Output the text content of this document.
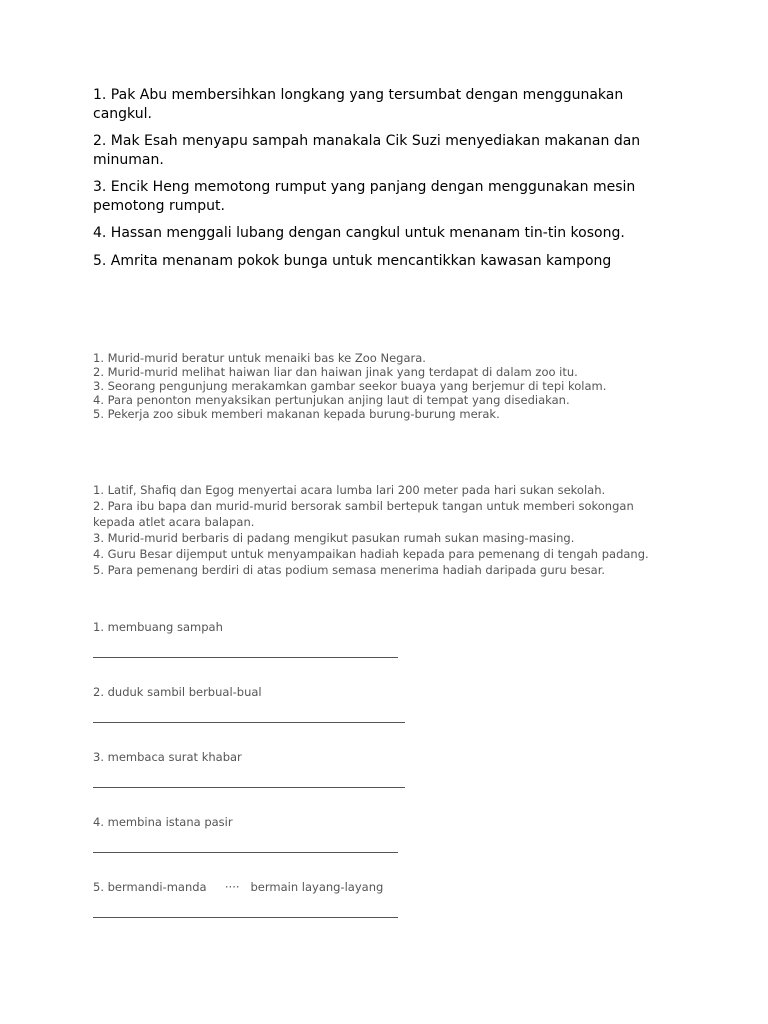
1. Pak Abu membersihkan longkang yang tersumbat dengan menggunakan cangkul.

2. Mak Esah menyapu sampah manakala Cik Suzi menyediakan makanan dan minuman.

3. Encik Heng memotong rumput yang panjang dengan menggunakan mesin pemotong rumput.

4. Hassan menggali lubang dengan cangkul untuk menanam tin-tin kosong.

5. Amrita menanam pokok bunga untuk mencantikkan kawasan kampong

1. Murid-murid beratur untuk menaiki bas ke Zoo Negara.

2. Murid-murid melihat haiwan liar dan haiwan jinak yang terdapat di dalam zoo itu.

3. Seorang pengunjung merakamkan gambar seekor buaya yang berjemur di tepi kolam.

4. Para penonton menyaksikan pertunjukan anjing laut di tempat yang disediakan.

5. Pekerja zoo sibuk memberi makanan kepada burung-burung merak.

1. Latif, Shafiq dan Egog menyertai acara lumba lari 200 meter pada hari sukan sekolah.

2. Para ibu bapa dan murid-murid bersorak sambil bertepuk tangan untuk memberi sokongan kepada atlet acara balapan.

3. Murid-murid berbaris di padang mengikut pasukan rumah sukan masing-masing.

4. Guru Besar dijemput untuk menyampaikan hadiah kepada para pemenang di tengah padang.

5. Para pemenang berdiri di atas podium semasa menerima hadiah daripada guru besar.

1. membuang sampah
2. duduk sambil berbual-bual
3. membaca surat khabar
4. membina istana pasir
5. bermandi-manda ···· bermain layang-layang
